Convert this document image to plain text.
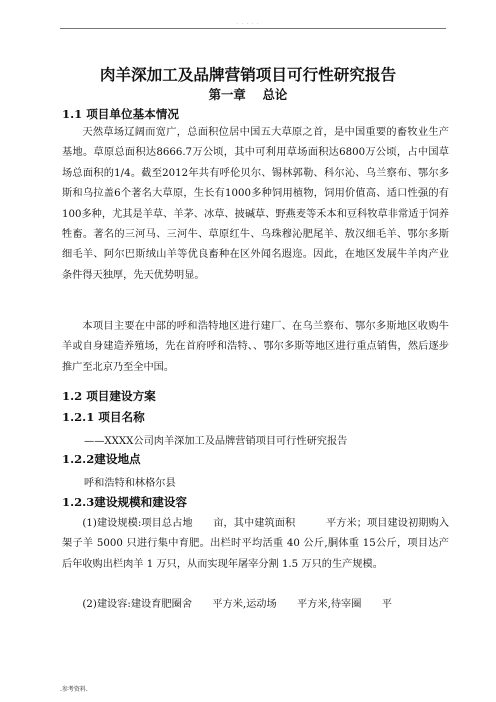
. . . . .
肉羊深加工及品牌营销项目可行性研究报告
第一章　 总论
1.1 项目单位基本情况

天然草场辽阔而宽广，总面积位居中国五大草原之首，是中国重要的畜牧业生产基地。草原总面积达8666.7万公顷，其中可利用草场面积达6800万公顷，占中国草场总面积的1/4。截至2012年共有呼伦贝尔、锡林郭勒、科尔沁、乌兰察布、鄂尔多斯和乌拉盖6个著名大草原，生长有1000多种饲用植物，饲用价值高、适口性强的有100多种，尤其是羊草、羊茅、冰草、披碱草、野燕麦等禾本和豆科牧草非常适于饲养牲畜。著名的三河马、三河牛、草原红牛、乌珠穆沁肥尾羊、敖汉细毛羊、鄂尔多斯细毛羊、阿尔巴斯绒山羊等优良畜种在区外闻名遐迩。因此，在地区发展牛羊肉产业条件得天独厚，先天优势明显。

本项目主要在中部的呼和浩特地区进行建厂、在乌兰察布、鄂尔多斯地区收购牛羊或自身建造养殖场，先在首府呼和浩特、、鄂尔多斯等地区进行重点销售，然后逐步推广至北京乃至全中国。

1.2 项目建设方案
1.2.1 项目名称
——XXXX公司肉羊深加工及品牌营销项目可行性研究报告
1.2.2建设地点
呼和浩特和林格尔县
1.2.3建设规模和建设容

(1)建设规模:项目总占地　　亩，其中建筑面积　　　平方米；项目建设初期购入架子羊 5000 只进行集中育肥。出栏时平均活重 40 公斤,胴体重 15公斤，项目达产后年收购出栏肉羊 1 万只，从而实现年屠宰分割 1.5 万只的生产规模。

(2)建设容:建设育肥圈舍　　平方米,运动场　　平方米,待宰圈　　平

.参考资料.
